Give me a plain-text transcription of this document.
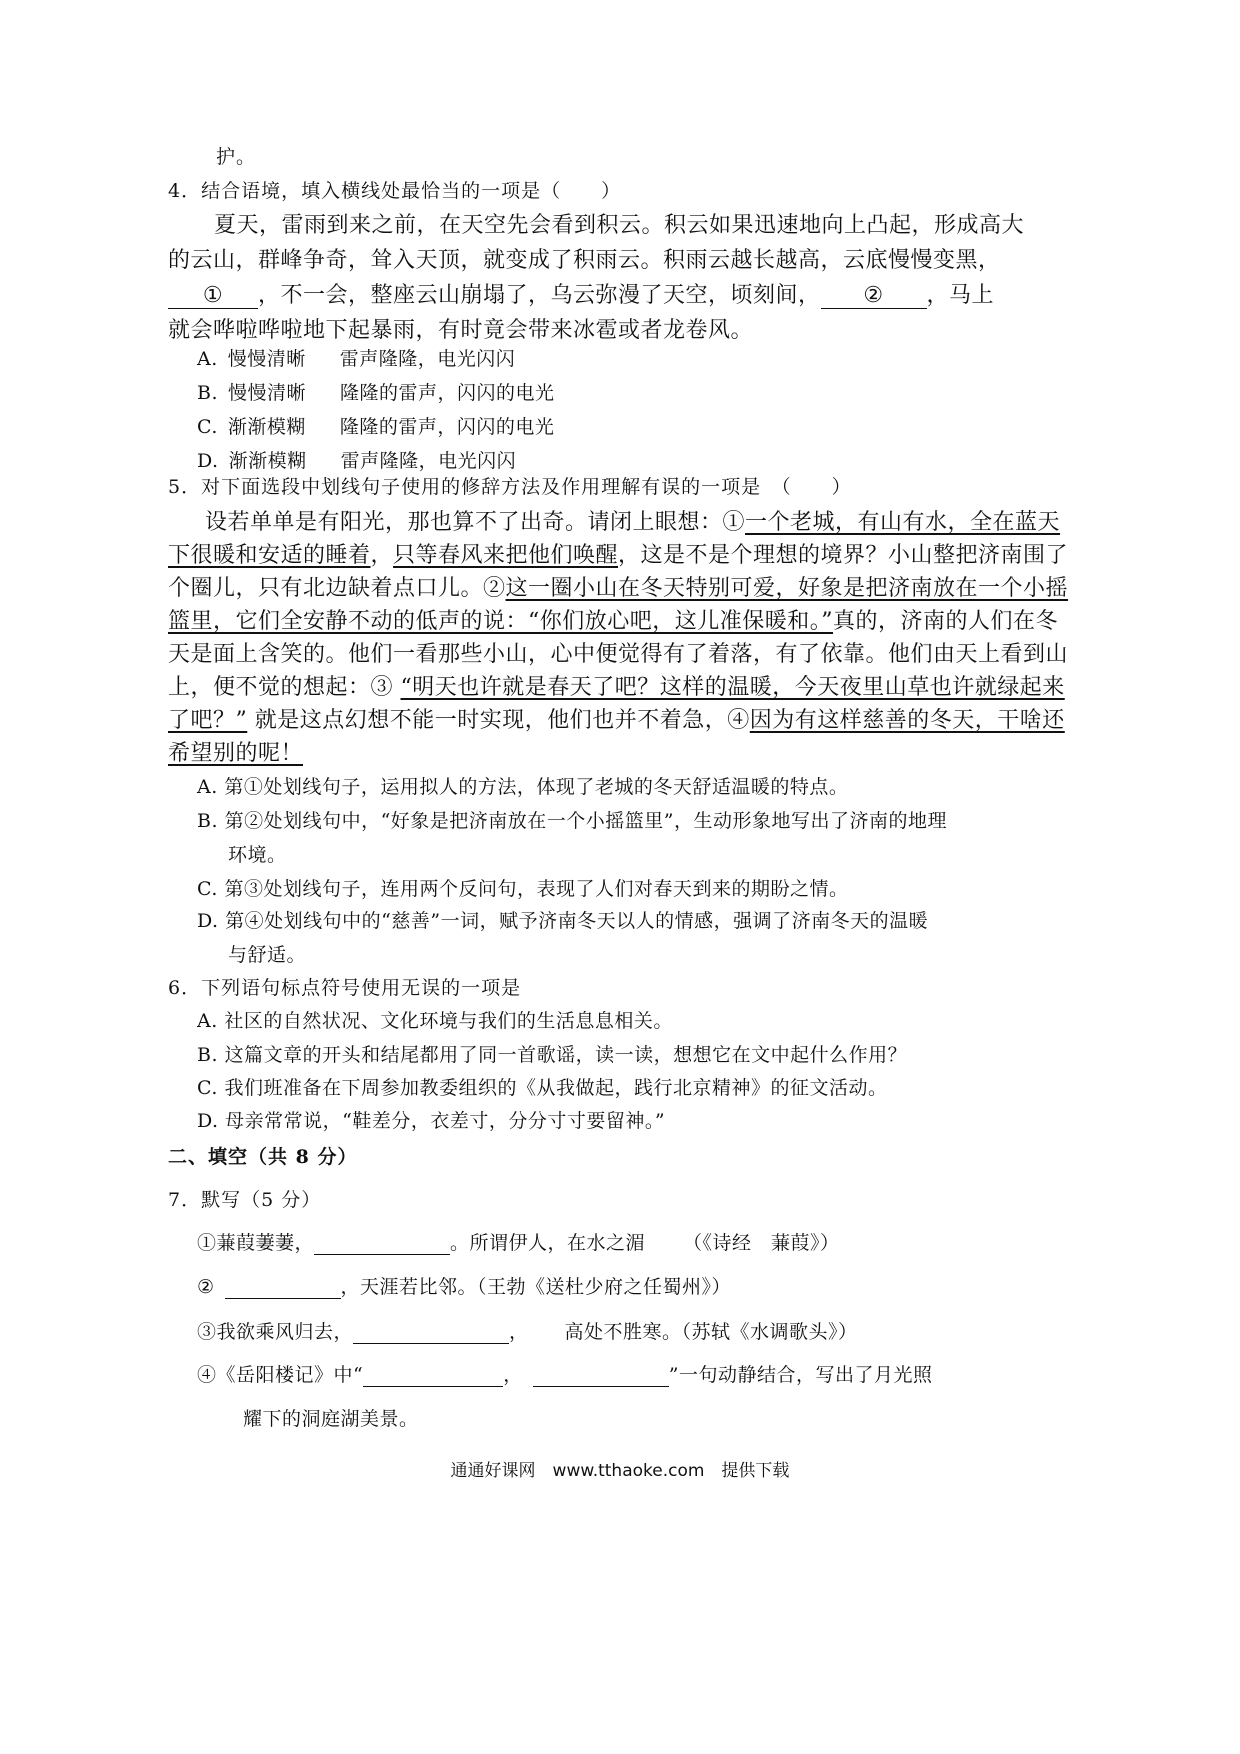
护。
4．结合语境，填入横线处最恰当的一项是（　　）
夏天，雷雨到来之前，在天空先会看到积云。积云如果迅速地向上凸起，形成高大
的云山，群峰争奇，耸入天顶，就变成了积雨云。积雨云越长越高，云底慢慢变黑，
① ，不一会，整座云山崩塌了，乌云弥漫了天空，顷刻间， ② ，马上
就会哗啦哗啦地下起暴雨，有时竟会带来冰雹或者龙卷风。
A. 慢慢清晰 雷声隆隆，电光闪闪
B. 慢慢清晰 隆隆的雷声，闪闪的电光
C. 渐渐模糊 隆隆的雷声，闪闪的电光
D. 渐渐模糊 雷声隆隆，电光闪闪
5．对下面选段中划线句子使用的修辞方法及作用理解有误的一项是　（　　）
设若单单是有阳光，那也算不了出奇。请闭上眼想：①一个老城，有山有水，全在蓝天
下很暖和安适的睡着，只等春风来把他们唤醒，这是不是个理想的境界？小山整把济南围了
个圈儿，只有北边缺着点口儿。②这一圈小山在冬天特别可爱，好象是把济南放在一个小摇
篮里，它们全安静不动的低声的说：“你们放心吧，这儿准保暖和。”真的，济南的人们在冬
天是面上含笑的。他们一看那些小山，心中便觉得有了着落，有了依靠。他们由天上看到山
上，便不觉的想起：③ “明天也许就是春天了吧？这样的温暖，今天夜里山草也许就绿起来
了吧？” 就是这点幻想不能一时实现，他们也并不着急，④因为有这样慈善的冬天，干啥还
希望别的呢！
A. 第①处划线句子，运用拟人的方法，体现了老城的冬天舒适温暖的特点。
B. 第②处划线句中，“好象是把济南放在一个小摇篮里”，生动形象地写出了济南的地理
环境。
C. 第③处划线句子，连用两个反问句，表现了人们对春天到来的期盼之情。
D. 第④处划线句中的“慈善”一词，赋予济南冬天以人的情感，强调了济南冬天的温暖
与舒适。
6．下列语句标点符号使用无误的一项是
A. 社区的自然状况、文化环境与我们的生活息息相关。
B. 这篇文章的开头和结尾都用了同一首歌谣，读一读，想想它在文中起什么作用？
C. 我们班准备在下周参加教委组织的《从我做起，践行北京精神》的征文活动。
D. 母亲常常说，“鞋差分，衣差寸，分分寸寸要留神。”
二、填空（共 8 分）
7．默写（5 分）
①蒹葭萋萋，	。所谓伊人，在水之湄 （《诗经　蒹葭》）
②	，天涯若比邻。（王勃《送杜少府之任蜀州》）
③我欲乘风归去，	， 高处不胜寒。（苏轼《水调歌头》）
④《岳阳楼记》中“	，	”一句动静结合，写出了月光照
耀下的洞庭湖美景。
通通好课网　www.tthaoke.com　提供下载
